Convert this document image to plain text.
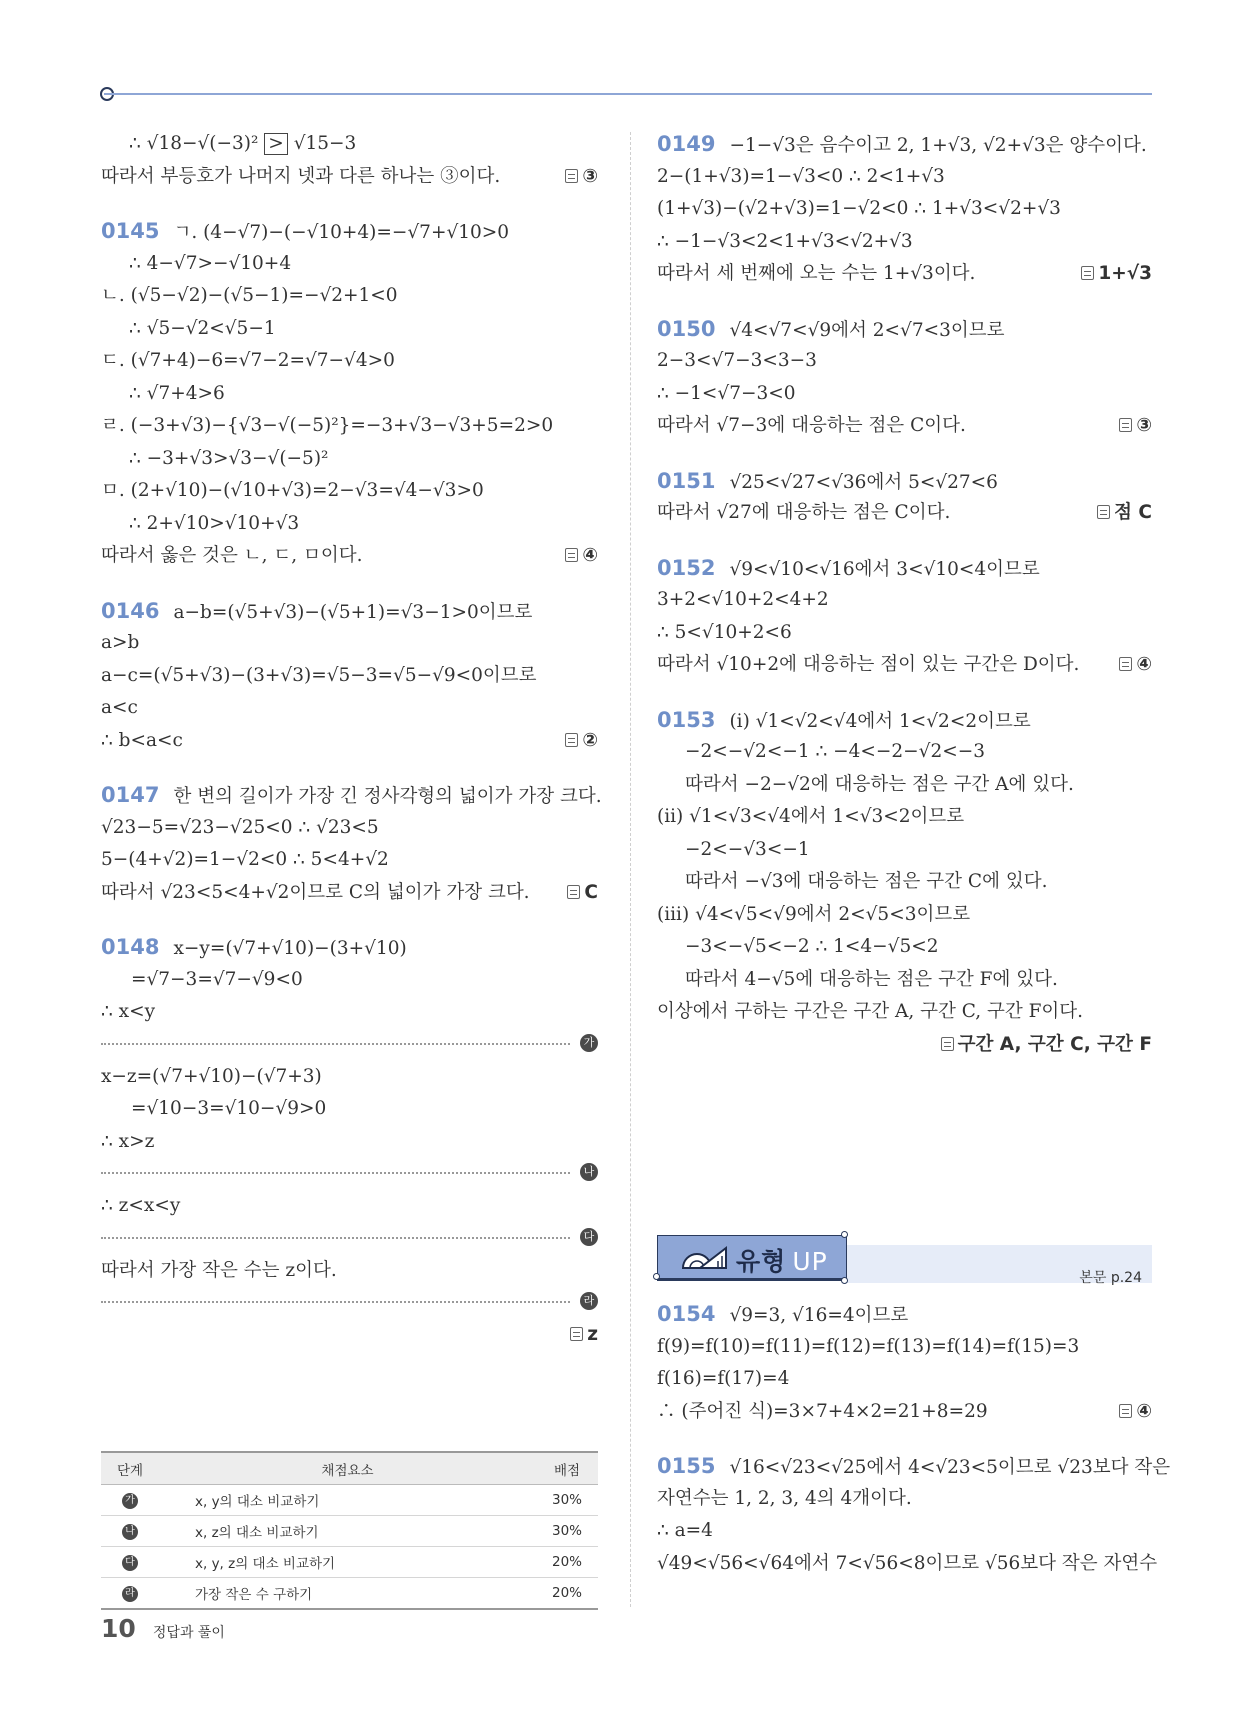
∴ √18−√(−3)² > √15−3
따라서 부등호가 나머지 넷과 다른 하나는 ③이다.	③
0145 ㄱ. (4−√7)−(−√10+4)=−√7+√10>0
∴ 4−√7>−√10+4
ㄴ. (√5−√2)−(√5−1)=−√2+1<0
∴ √5−√2<√5−1
ㄷ. (√7+4)−6=√7−2=√7−√4>0
∴ √7+4>6
ㄹ. (−3+√3)−{√3−√(−5)²}=−3+√3−√3+5=2>0
∴ −3+√3>√3−√(−5)²
ㅁ. (2+√10)−(√10+√3)=2−√3=√4−√3>0
∴ 2+√10>√10+√3
따라서 옳은 것은 ㄴ, ㄷ, ㅁ이다.	④
0146 a−b=(√5+√3)−(√5+1)=√3−1>0이므로
a>b
a−c=(√5+√3)−(3+√3)=√5−3=√5−√9<0이므로
a<c
∴ b<a<c	②
0147 한 변의 길이가 가장 긴 정사각형의 넓이가 가장 크다.
√23−5=√23−√25<0 ∴ √23<5
5−(4+√2)=1−√2<0 ∴ 5<4+√2
따라서 √23<5<4+√2이므로 C의 넓이가 가장 크다.	C
0148 x−y=(√7+√10)−(3+√10)
=√7−3=√7−√9<0
∴ x<y
가
x−z=(√7+√10)−(√7+3)
=√10−3=√10−√9>0
∴ x>z
나
∴ z<x<y
다
따라서 가장 작은 수는 z이다.
라
z
단계	채점요소	배점
가	x, y의 대소 비교하기	30%
나	x, z의 대소 비교하기	30%
다	x, y, z의 대소 비교하기	20%
라	가장 작은 수 구하기	20%
0149 −1−√3은 음수이고 2, 1+√3, √2+√3은 양수이다.
2−(1+√3)=1−√3<0 ∴ 2<1+√3
(1+√3)−(√2+√3)=1−√2<0 ∴ 1+√3<√2+√3
∴ −1−√3<2<1+√3<√2+√3
따라서 세 번째에 오는 수는 1+√3이다.	1+√3
0150 √4<√7<√9에서 2<√7<3이므로
2−3<√7−3<3−3
∴ −1<√7−3<0
따라서 √7−3에 대응하는 점은 C이다.	③
0151 √25<√27<√36에서 5<√27<6
따라서 √27에 대응하는 점은 C이다.	점 C
0152 √9<√10<√16에서 3<√10<4이므로
3+2<√10+2<4+2
∴ 5<√10+2<6
따라서 √10+2에 대응하는 점이 있는 구간은 D이다.	④
0153 (i) √1<√2<√4에서 1<√2<2이므로
−2<−√2<−1 ∴ −4<−2−√2<−3
따라서 −2−√2에 대응하는 점은 구간 A에 있다.
(ii) √1<√3<√4에서 1<√3<2이므로
−2<−√3<−1
따라서 −√3에 대응하는 점은 구간 C에 있다.
(iii) √4<√5<√9에서 2<√5<3이므로
−3<−√5<−2 ∴ 1<4−√5<2
따라서 4−√5에 대응하는 점은 구간 F에 있다.
이상에서 구하는 구간은 구간 A, 구간 C, 구간 F이다.
구간 A, 구간 C, 구간 F
본문 p.24
유형 UP
0154 √9=3, √16=4이므로
f(9)=f(10)=f(11)=f(12)=f(13)=f(14)=f(15)=3
f(16)=f(17)=4
∴ (주어진 식)=3×7+4×2=21+8=29	④
0155 √16<√23<√25에서 4<√23<5이므로 √23보다 작은
자연수는 1, 2, 3, 4의 4개이다.
∴ a=4
√49<√56<√64에서 7<√56<8이므로 √56보다 작은 자연수
10 정답과 풀이
